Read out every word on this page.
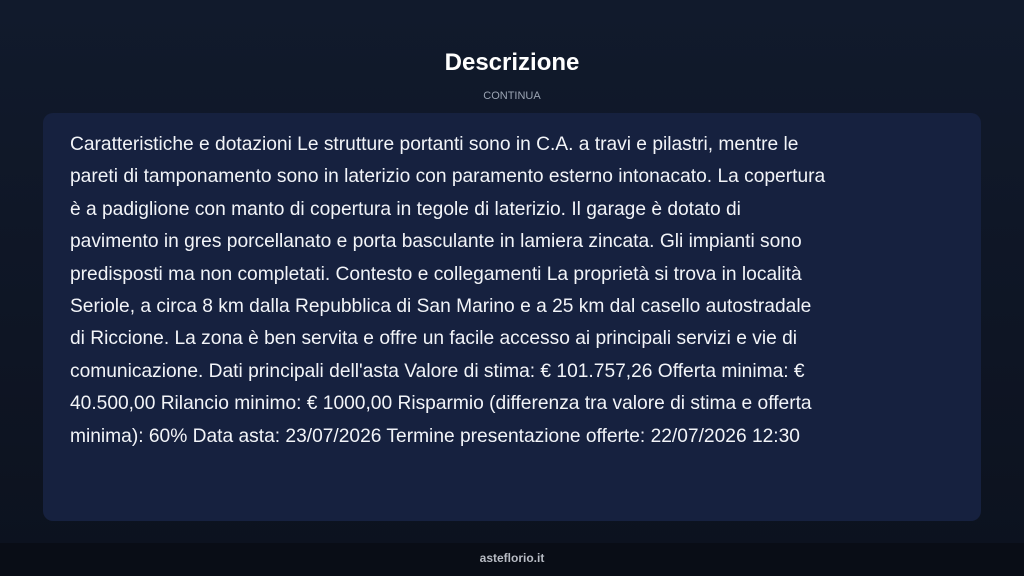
Descrizione
CONTINUA
Caratteristiche e dotazioni Le strutture portanti sono in C.A. a travi e pilastri, mentre le
pareti di tamponamento sono in laterizio con paramento esterno intonacato. La copertura
è a padiglione con manto di copertura in tegole di laterizio. Il garage è dotato di
pavimento in gres porcellanato e porta basculante in lamiera zincata. Gli impianti sono
predisposti ma non completati. Contesto e collegamenti La proprietà si trova in località
Seriole, a circa 8 km dalla Repubblica di San Marino e a 25 km dal casello autostradale
di Riccione. La zona è ben servita e offre un facile accesso ai principali servizi e vie di
comunicazione. Dati principali dell'asta Valore di stima: € 101.757,26 Offerta minima: €
40.500,00 Rilancio minimo: € 1000,00 Risparmio (differenza tra valore di stima e offerta
minima): 60% Data asta: 23/07/2026 Termine presentazione offerte: 22/07/2026 12:30
asteflorio.it
